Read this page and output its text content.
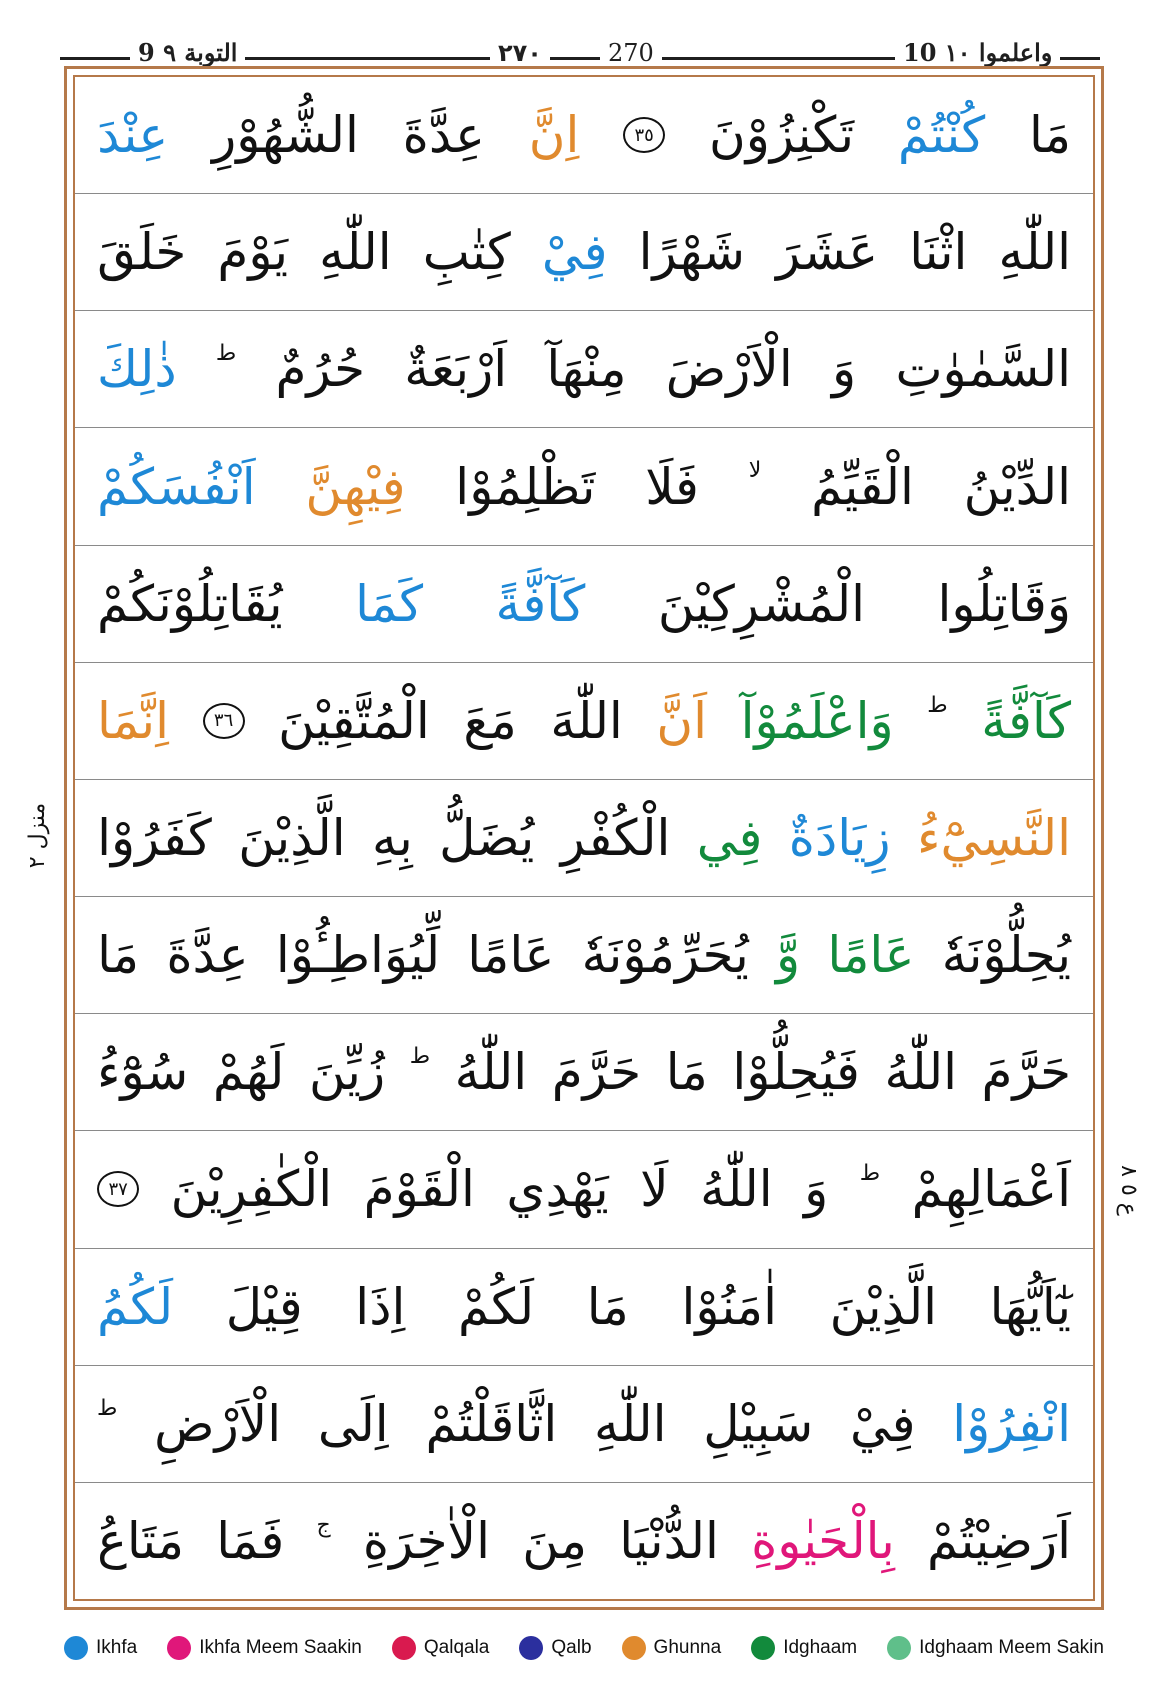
التوبة ٩ 9	٢٧٠	270	واعلموا ١٠ 10
مَا
كُنْتُمْ
تَكْنِزُوْنَ
٣٥
اِنَّ
عِدَّةَ
الشُّهُوْرِ
عِنْدَ
اللّٰهِ
اثْنَا
عَشَرَ
شَهْرًا
فِيْ
كِتٰبِ
اللّٰهِ
يَوْمَ
خَلَقَ
السَّمٰوٰتِ
وَ
الْاَرْضَ
مِنْهَآ
اَرْبَعَةٌ
حُرُمٌ
ط
ذٰلِكَ
الدِّيْنُ
الْقَيِّمُ
لا
فَلَا
تَظْلِمُوْا
فِيْهِنَّ
اَنْفُسَكُمْ
وَقَاتِلُوا
الْمُشْرِكِيْنَ
كَآفَّةً
كَمَا
يُقَاتِلُوْنَكُمْ
كَآفَّةً
ط
وَاعْلَمُوْآ
اَنَّ
اللّٰهَ
مَعَ
الْمُتَّقِيْنَ
٣٦
اِنَّمَا
النَّسِيْٓءُ
زِيَادَةٌ
فِي
الْكُفْرِ
يُضَلُّ
بِهِ
الَّذِيْنَ
كَفَرُوْا
يُحِلُّوْنَهٗ
عَامًا
وَّ
يُحَرِّمُوْنَهٗ
عَامًا
لِّيُوَاطِـُٔوْا
عِدَّةَ
مَا
حَرَّمَ
اللّٰهُ
فَيُحِلُّوْا
مَا
حَرَّمَ
اللّٰهُ
ط
زُيِّنَ
لَهُمْ
سُوْٓءُ
اَعْمَالِهِمْ
ط
وَ
اللّٰهُ
لَا
يَهْدِي
الْقَوْمَ
الْكٰفِرِيْنَ
٣٧
يٰٓاَيُّهَا
الَّذِيْنَ
اٰمَنُوْا
مَا
لَكُمْ
اِذَا
قِيْلَ
لَكُمُ
انْفِرُوْا
فِيْ
سَبِيْلِ
اللّٰهِ
اثَّاقَلْتُمْ
اِلَى
الْاَرْضِ
ط
اَرَضِيْتُمْ
بِالْحَيٰوةِ
الدُّنْيَا
مِنَ
الْاٰخِرَةِ
ج
فَمَا
مَتَاعُ
منزل ٢
ع ٥ ٨
Ikhfa	Ikhfa Meem Saakin	Qalqala	Qalb	Ghunna	Idghaam	Idghaam Meem Sakin
